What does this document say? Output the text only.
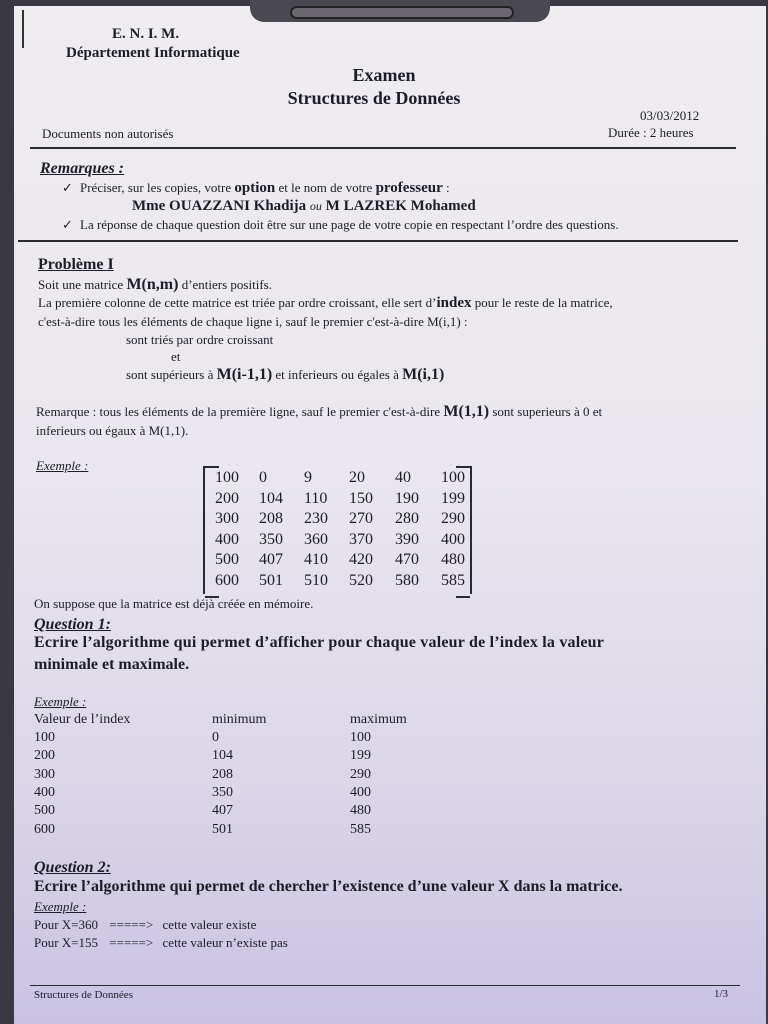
E. N. I. M.
Département Informatique
Examen
Structures de Données
03/03/2012
Documents non autorisés	Durée : 2 heures
Remarques :
✓ Préciser, sur les copies, votre option et le nom de votre professeur :
Mme OUAZZANI Khadija ou M LAZREK Mohamed
✓ La réponse de chaque question doit être sur une page de votre copie en respectant l’ordre des questions.
Problème I
Soit une matrice M(n,m) d’entiers positifs.
La première colonne de cette matrice est triée par ordre croissant, elle sert d’index pour le reste de la matrice,
c'est-à-dire tous les éléments de chaque ligne i, sauf le premier c'est-à-dire M(i,1) :
sont triés par ordre croissant
et
sont supérieurs à M(i-1,1) et inferieurs ou égales à M(i,1)
Remarque : tous les éléments de la première ligne, sauf le premier c'est-à-dire M(1,1) sont superieurs à 0 et
inferieurs ou égaux à M(1,1).
Exemple :
100 0 9 20 40 100
200 104 110 150 190 199
300 208 230 270 280 290
400 350 360 370 390 400
500 407 410 420 470 480
600 501 510 520 580 585
On suppose que la matrice est déjà créée en mémoire.
Question 1:
Ecrire l’algorithme qui permet d’afficher pour chaque valeur de l’index la valeur
minimale et maximale.
Exemple :
Valeur de l’index	minimum	maximum
100	0	100
200	104	199
300	208	290
400	350	400
500	407	480
600	501	585
Question 2:
Ecrire l’algorithme qui permet de chercher l’existence d’une valeur X dans la matrice.
Exemple :
Pour X=360 =====> cette valeur existe
Pour X=155 =====> cette valeur n’existe pas
Structures de Données	1/3
